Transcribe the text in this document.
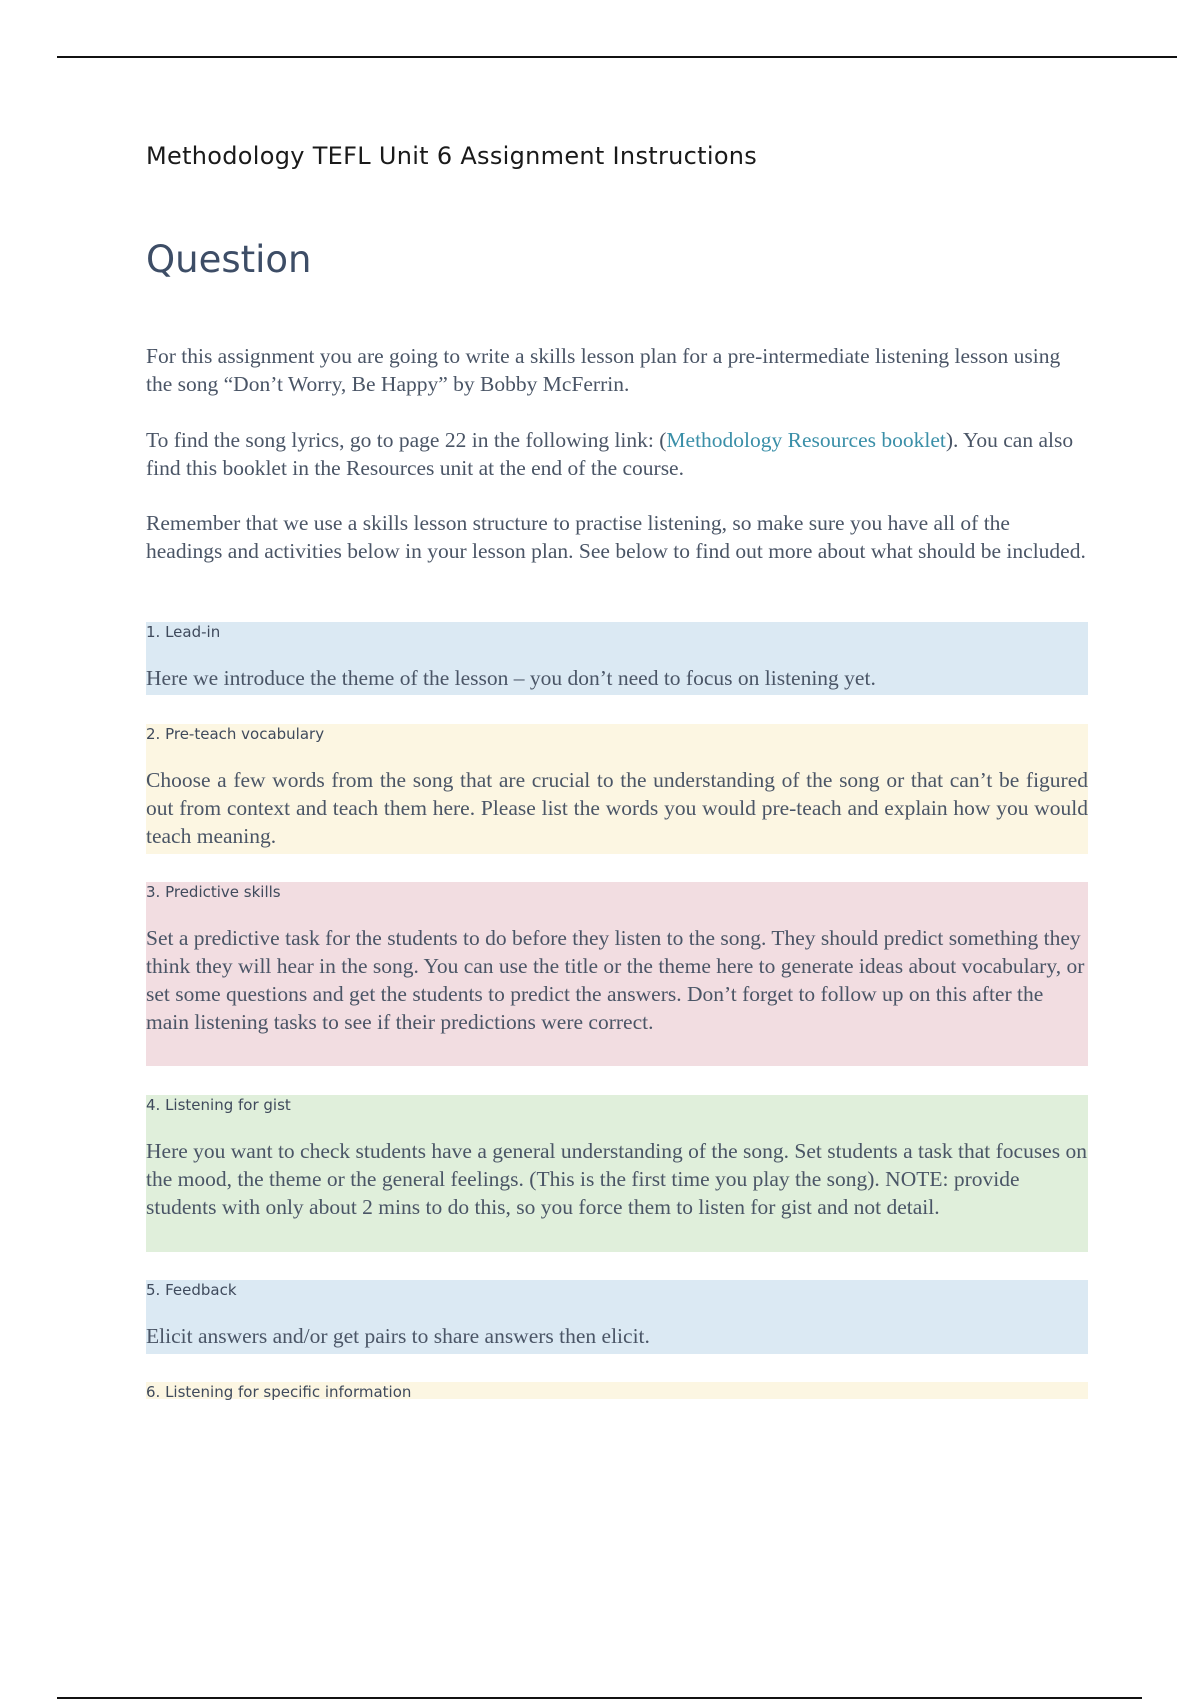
Methodology TEFL Unit 6 Assignment Instructions
Question

For this assignment you are going to write a skills lesson plan for a pre-intermediate listening lesson using the song “Don’t Worry, Be Happy” by Bobby McFerrin.

To find the song lyrics, go to page 22 in the following link: (Methodology Resources booklet). You can also find this booklet in the Resources unit at the end of the course.

Remember that we use a skills lesson structure to practise listening, so make sure you have all of the headings and activities below in your lesson plan. See below to find out more about what should be included.

1. Lead-in
Here we introduce the theme of the lesson – you don’t need to focus on listening yet.
2. Pre-teach vocabulary
Choose a few words from the song that are crucial to the understanding of the song or that can’t be figured out from context and teach them here. Please list the words you would pre-teach and explain how you would teach meaning.
3. Predictive skills
Set a predictive task for the students to do before they listen to the song. They should predict something they think they will hear in the song. You can use the title or the theme here to generate ideas about vocabulary, or set some questions and get the students to predict the answers. Don’t forget to follow up on this after the main listening tasks to see if their predictions were correct.
4. Listening for gist
Here you want to check students have a general understanding of the song. Set students a task that focuses on the mood, the theme or the general feelings. (This is the first time you play the song). NOTE: provide students with only about 2 mins to do this, so you force them to listen for gist and not detail.
5. Feedback
Elicit answers and/or get pairs to share answers then elicit.
6. Listening for specific information
